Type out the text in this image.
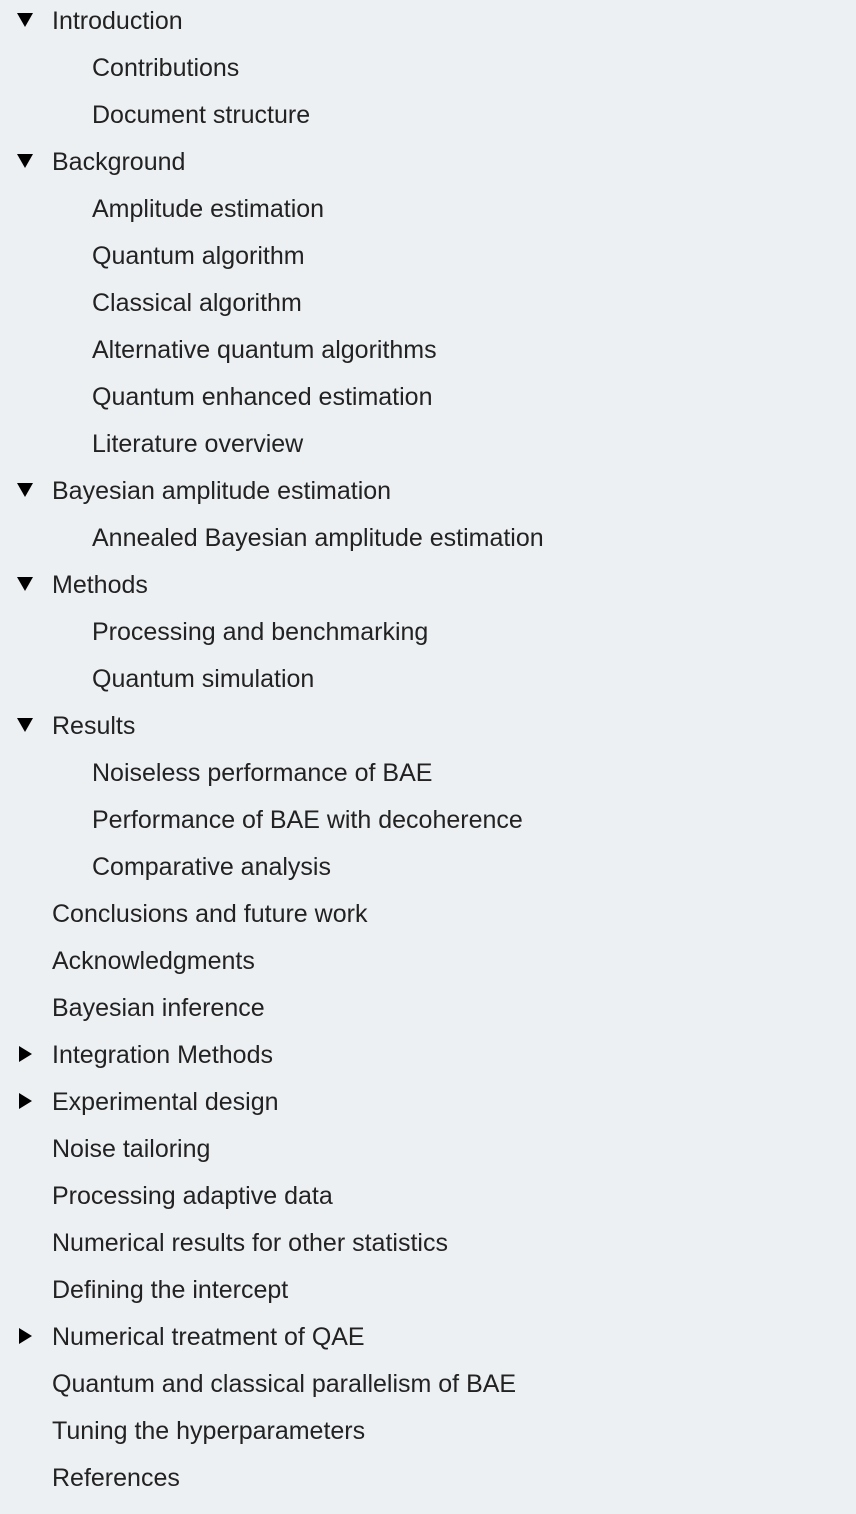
Introduction
Contributions
Document structure
Background
Amplitude estimation
Quantum algorithm
Classical algorithm
Alternative quantum algorithms
Quantum enhanced estimation
Literature overview
Bayesian amplitude estimation
Annealed Bayesian amplitude estimation
Methods
Processing and benchmarking
Quantum simulation
Results
Noiseless performance of BAE
Performance of BAE with decoherence
Comparative analysis
Conclusions and future work
Acknowledgments
Bayesian inference
Integration Methods
Experimental design
Noise tailoring
Processing adaptive data
Numerical results for other statistics
Defining the intercept
Numerical treatment of QAE
Quantum and classical parallelism of BAE
Tuning the hyperparameters
References
